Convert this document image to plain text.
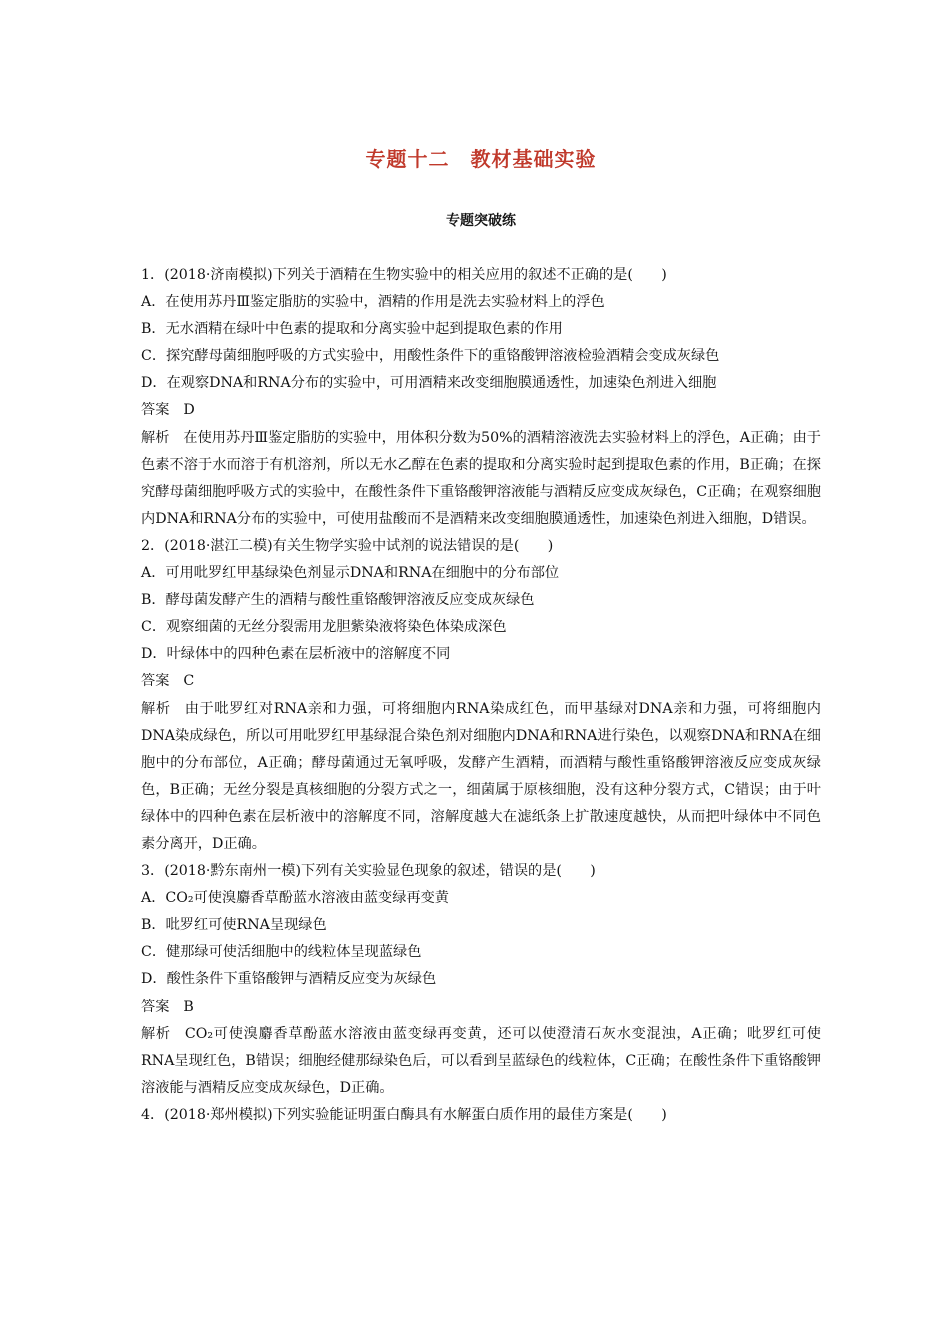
专题十二　教材基础实验
专题突破练

1．(2018·济南模拟)下列关于酒精在生物实验中的相关应用的叙述不正确的是(　　)

A．在使用苏丹Ⅲ鉴定脂肪的实验中，酒精的作用是洗去实验材料上的浮色

B．无水酒精在绿叶中色素的提取和分离实验中起到提取色素的作用

C．探究酵母菌细胞呼吸的方式实验中，用酸性条件下的重铬酸钾溶液检验酒精会变成灰绿色

D．在观察DNA和RNA分布的实验中，可用酒精来改变细胞膜通透性，加速染色剂进入细胞

答案 D

解析 在使用苏丹Ⅲ鉴定脂肪的实验中，用体积分数为50%的酒精溶液洗去实验材料上的浮色，A正确；由于色素不溶于水而溶于有机溶剂，所以无水乙醇在色素的提取和分离实验时起到提取色素的作用，B正确；在探究酵母菌细胞呼吸方式的实验中，在酸性条件下重铬酸钾溶液能与酒精反应变成灰绿色，C正确；在观察细胞内DNA和RNA分布的实验中，可使用盐酸而不是酒精来改变细胞膜通透性，加速染色剂进入细胞，D错误。

2．(2018·湛江二模)有关生物学实验中试剂的说法错误的是(　　)

A．可用吡罗红甲基绿染色剂显示DNA和RNA在细胞中的分布部位

B．酵母菌发酵产生的酒精与酸性重铬酸钾溶液反应变成灰绿色

C．观察细菌的无丝分裂需用龙胆紫染液将染色体染成深色

D．叶绿体中的四种色素在层析液中的溶解度不同

答案 C

解析 由于吡罗红对RNA亲和力强，可将细胞内RNA染成红色，而甲基绿对DNA亲和力强，可将细胞内DNA染成绿色，所以可用吡罗红甲基绿混合染色剂对细胞内DNA和RNA进行染色，以观察DNA和RNA在细胞中的分布部位，A正确；酵母菌通过无氧呼吸，发酵产生酒精，而酒精与酸性重铬酸钾溶液反应变成灰绿色，B正确；无丝分裂是真核细胞的分裂方式之一，细菌属于原核细胞，没有这种分裂方式，C错误；由于叶绿体中的四种色素在层析液中的溶解度不同，溶解度越大在滤纸条上扩散速度越快，从而把叶绿体中不同色素分离开，D正确。

3．(2018·黔东南州一模)下列有关实验显色现象的叙述，错误的是(　　)

A．CO₂可使溴麝香草酚蓝水溶液由蓝变绿再变黄

B．吡罗红可使RNA呈现绿色

C．健那绿可使活细胞中的线粒体呈现蓝绿色

D．酸性条件下重铬酸钾与酒精反应变为灰绿色

答案 B

解析 CO₂可使溴麝香草酚蓝水溶液由蓝变绿再变黄，还可以使澄清石灰水变混浊，A正确；吡罗红可使RNA呈现红色，B错误；细胞经健那绿染色后，可以看到呈蓝绿色的线粒体，C正确；在酸性条件下重铬酸钾溶液能与酒精反应变成灰绿色，D正确。

4．(2018·郑州模拟)下列实验能证明蛋白酶具有水解蛋白质作用的最佳方案是(　　)
